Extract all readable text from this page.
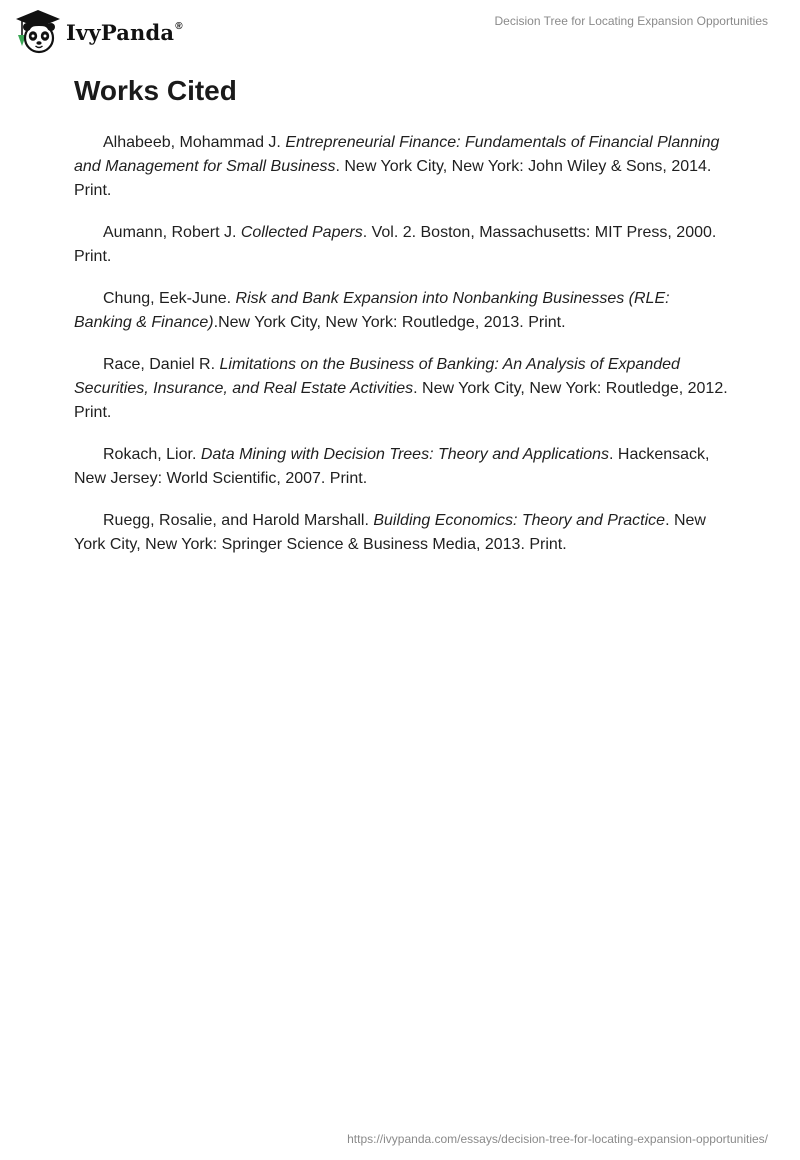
IvyPanda®	Decision Tree for Locating Expansion Opportunities
Works Cited

Alhabeeb, Mohammad J. Entrepreneurial Finance: Fundamentals of Financial Planning and Management for Small Business. New York City, New York: John Wiley & Sons, 2014. Print.

Aumann, Robert J. Collected Papers. Vol. 2. Boston, Massachusetts: MIT Press, 2000. Print.

Chung, Eek-June. Risk and Bank Expansion into Nonbanking Businesses (RLE: Banking & Finance).New York City, New York: Routledge, 2013. Print.

Race, Daniel R. Limitations on the Business of Banking: An Analysis of Expanded Securities, Insurance, and Real Estate Activities. New York City, New York: Routledge, 2012. Print.

Rokach, Lior. Data Mining with Decision Trees: Theory and Applications. Hackensack, New Jersey: World Scientific, 2007. Print.

Ruegg, Rosalie, and Harold Marshall. Building Economics: Theory and Practice. New York City, New York: Springer Science & Business Media, 2013. Print.

https://ivypanda.com/essays/decision-tree-for-locating-expansion-opportunities/
